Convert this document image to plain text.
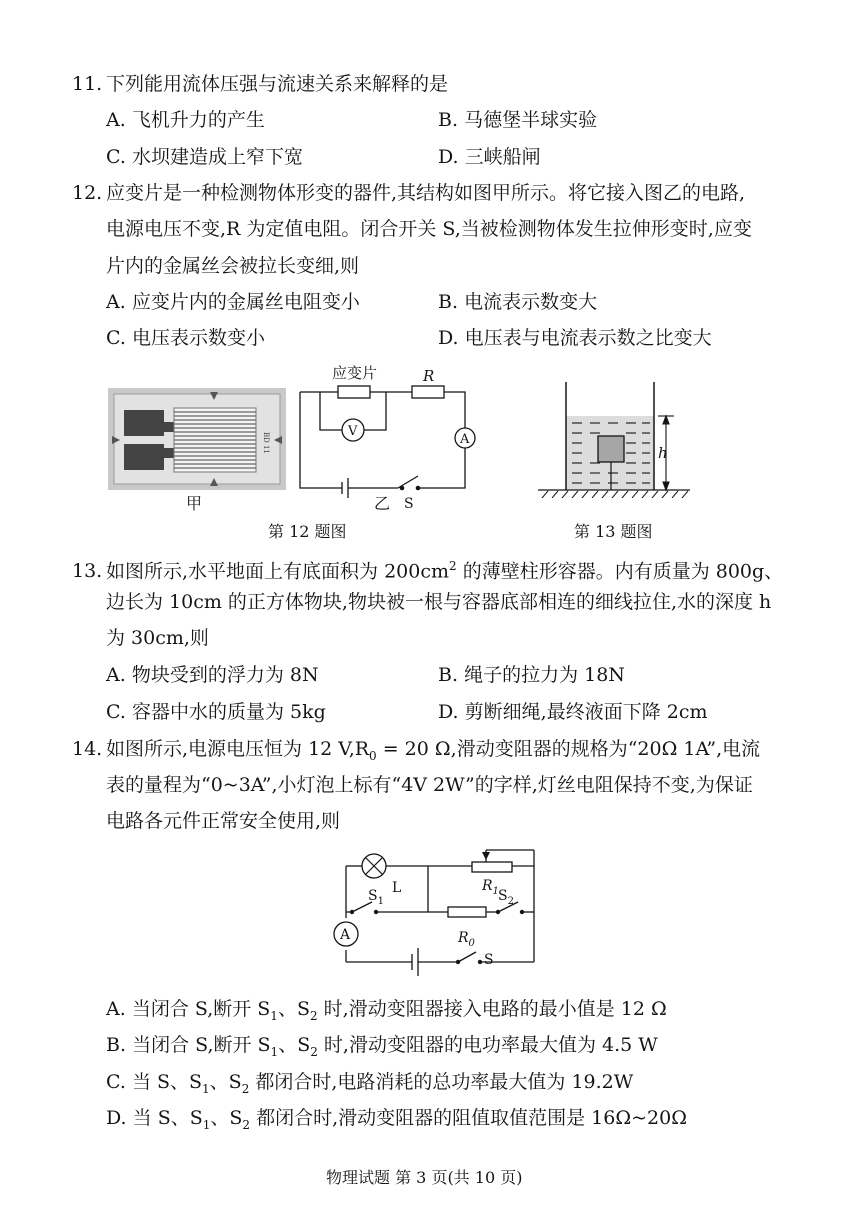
11. 下列能用流体压强与流速关系来解释的是
A. 飞机升力的产生	B. 马德堡半球实验
C. 水坝建造成上窄下宽	D. 三峡船闸
12. 应变片是一种检测物体形变的器件,其结构如图甲所示。将它接入图乙的电路,
电源电压不变,R 为定值电阻。闭合开关 S,当被检测物体发生拉伸形变时,应变
片内的金属丝会被拉长变细,则
A. 应变片内的金属丝电阻变小	B. 电流表示数变大
C. 电压表示数变小	D. 电压表与电流表示数之比变大
BD 11
甲
应变片	R
V
A
S
乙
第 12 题图
h
第 13 题图
13. 如图所示,水平地面上有底面积为 $200cm^2$ 的薄壁柱形容器。内有质量为 800g、
边长为 10cm 的正方体物块,物块被一根与容器底部相连的细线拉住,水的深度 h
为 30cm,则
A. 物块受到的浮力为 8N	B. 绳子的拉力为 18N
C. 容器中水的质量为 5kg	D. 剪断细绳,最终液面下降 2cm
14. 如图所示,电源电压恒为 12 $V,R_0 = 20$ Ω,滑动变阻器的规格为“20Ω 1A”,电流
表的量程为“0~3A”,小灯泡上标有“4V 2W”的字样,灯丝电阻保持不变,为保证
电路各元件正常安全使用,则
A
L	$R_1$
$S_1$	$S_2$
$R_0$
S
A. 当闭合 S,断开 $S_1$、$S_2$ 时,滑动变阻器接入电路的最小值是 12 Ω
B. 当闭合 S,断开 $S_1$、$S_2$ 时,滑动变阻器的电功率最大值为 4.5 W
C. 当 S、$S_1$、$S_2$ 都闭合时,电路消耗的总功率最大值为 19.2W
D. 当 S、$S_1$、$S_2$ 都闭合时,滑动变阻器的阻值取值范围是 16Ω~20Ω
物理试题 第 3 页(共 10 页)
